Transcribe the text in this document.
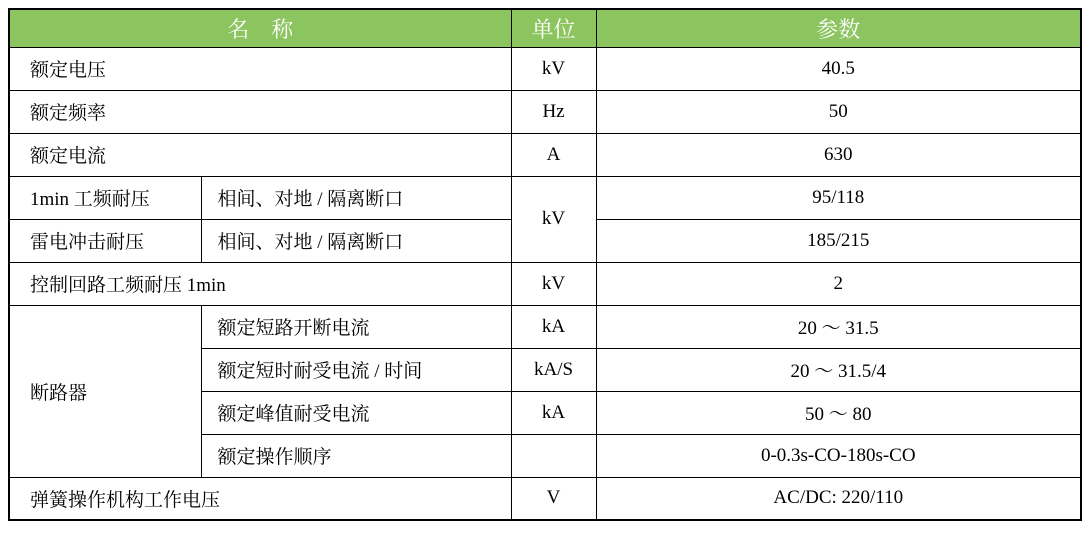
名　称		单位	参数
额定电压		kV	40.5
额定频率		Hz	50
额定电流		A	630
1min 工频耐压	相间、对地 / 隔离断口	kV	95/118
雷电冲击耐压	相间、对地 / 隔离断口		185/215
控制回路工频耐压 1min		kV	2
断路器	额定短路开断电流	kA	20 ～ 31.5
	额定短时耐受电流 / 时间	kA/S	20 ～ 31.5/4
	额定峰值耐受电流	kA	50 ～ 80
	额定操作顺序		0-0.3s-CO-180s-CO
弹簧操作机构工作电压		V	AC/DC: 220/110
